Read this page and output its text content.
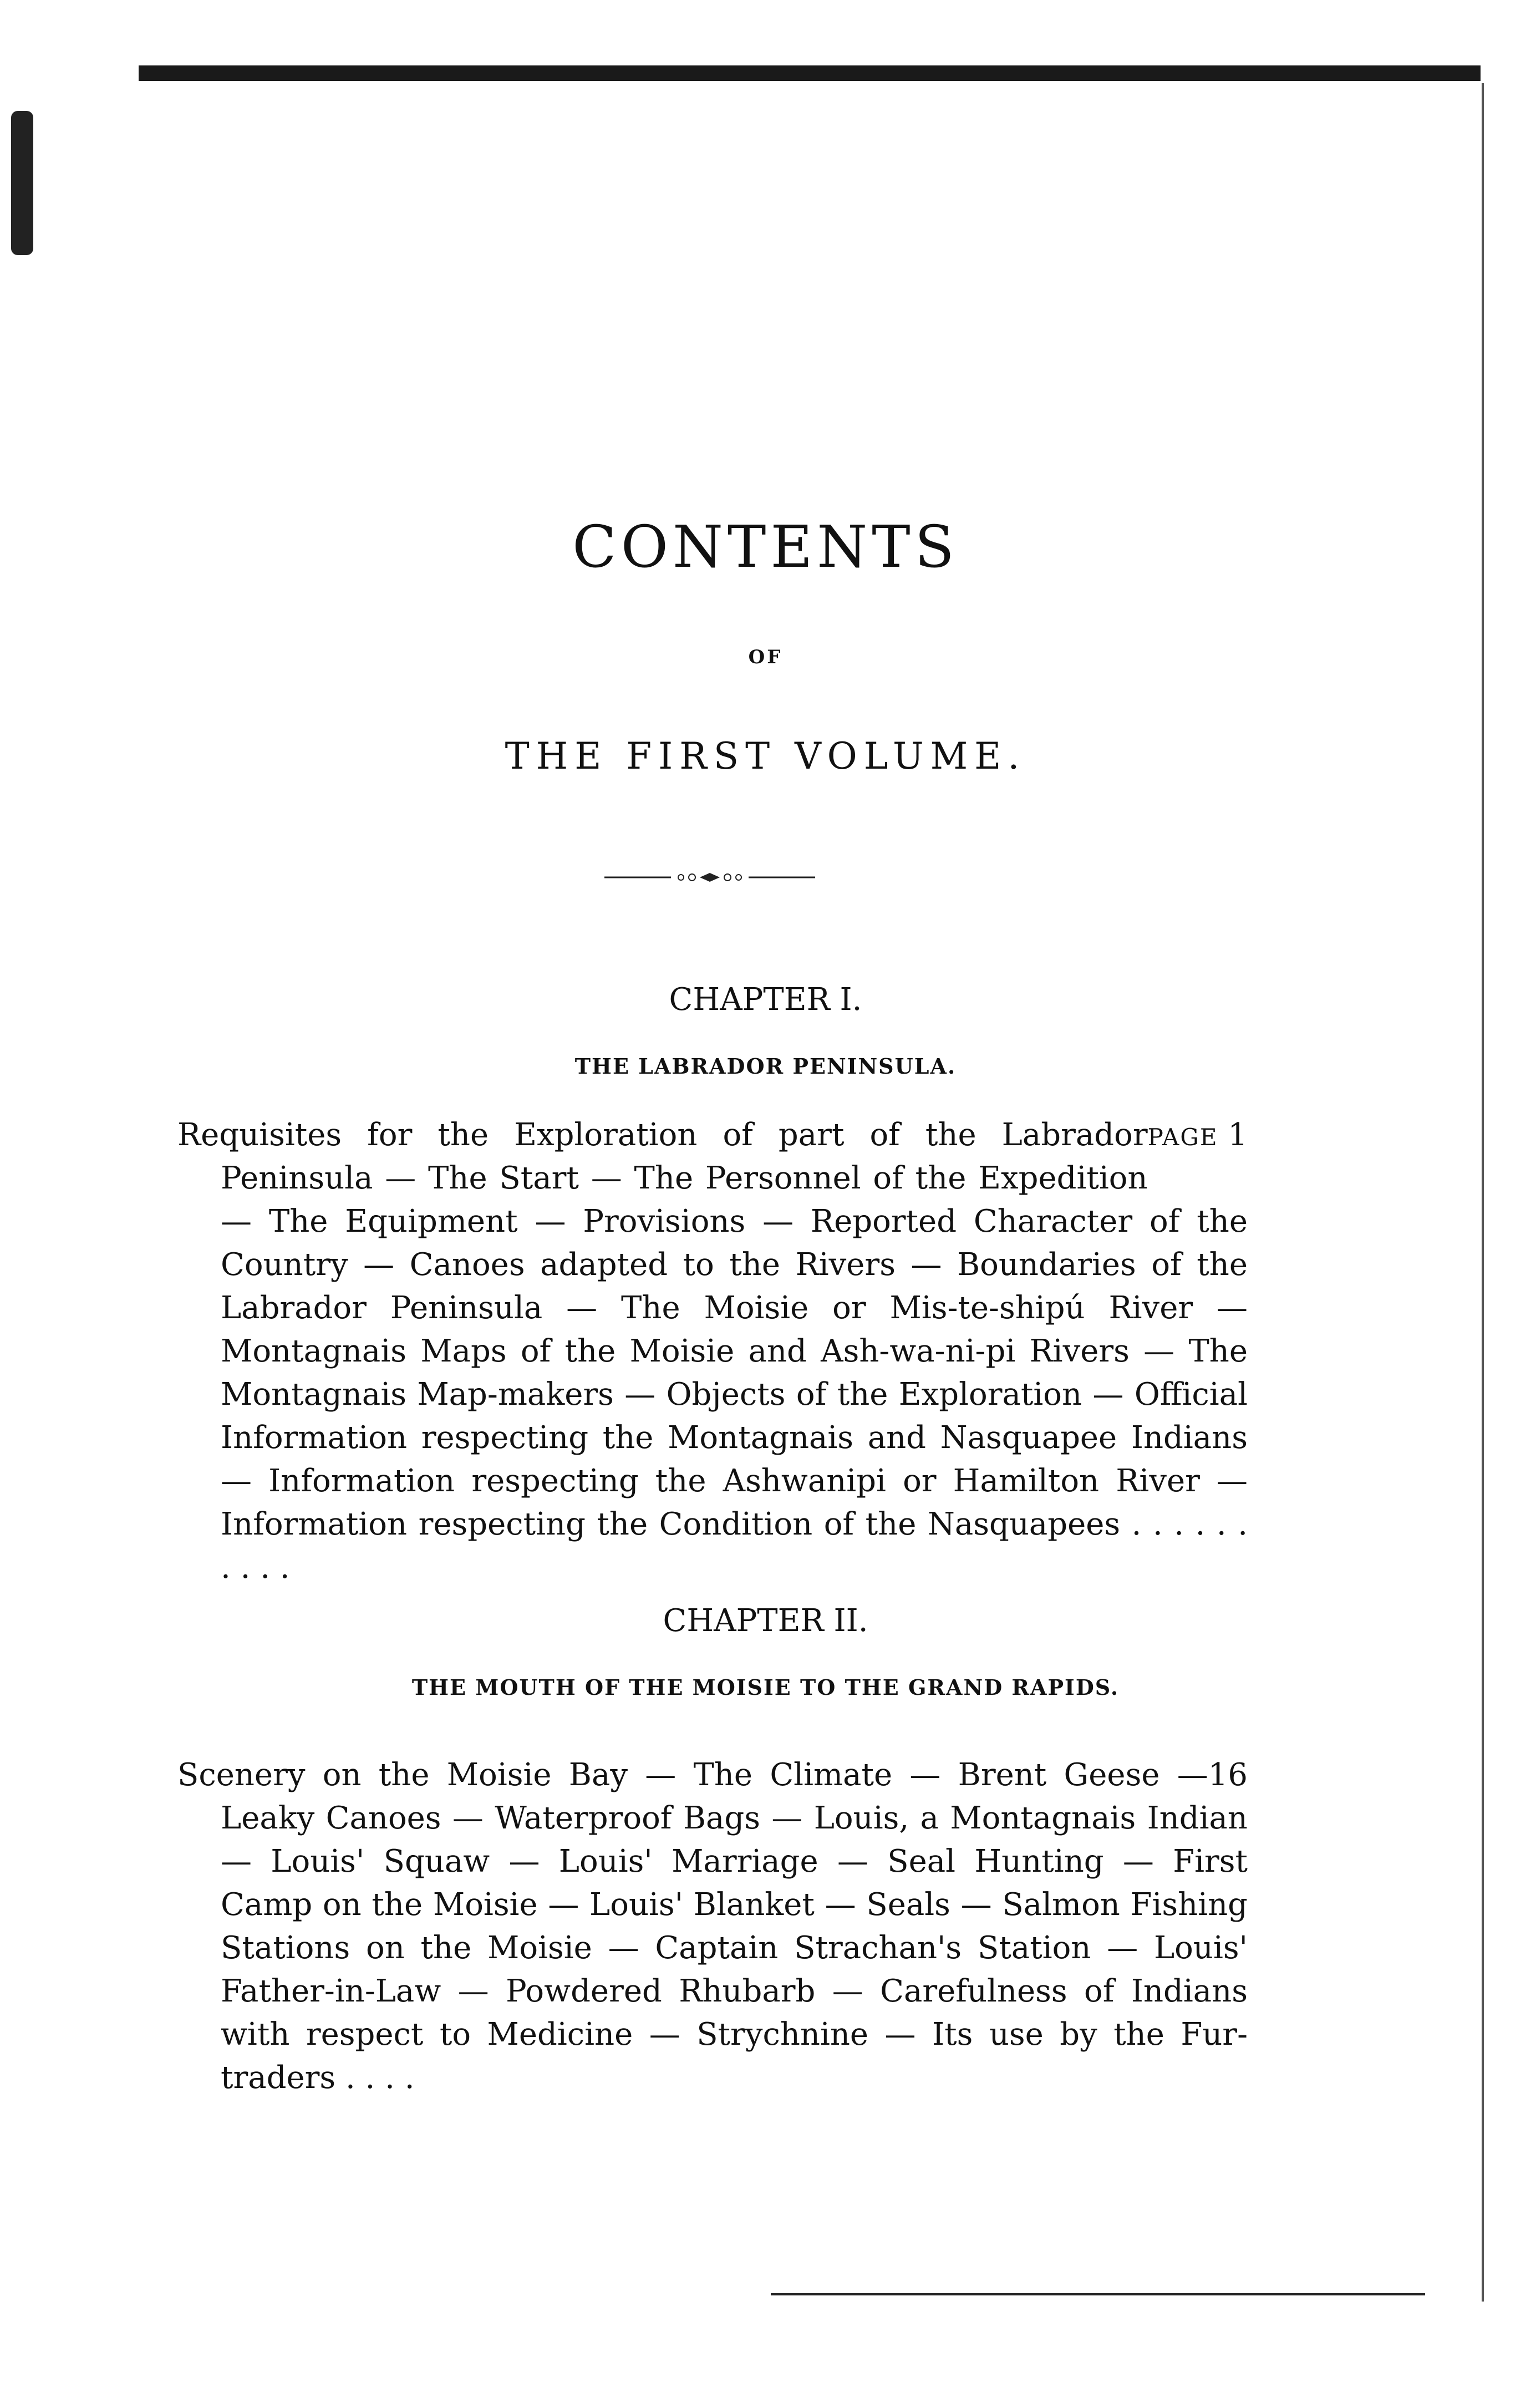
CONTENTS
OF
THE FIRST VOLUME.
CHAPTER I.
THE LABRADOR PENINSULA.

PAGE 1
Requisites for the Exploration of part of the Labrador Peninsula — The Start — The Personnel of the Expedition — The Equipment — Provisions — Reported Character of the Country — Canoes adapted to the Rivers — Boundaries of the Labrador Peninsula — The Moisie or Mis-te-shipú River — Montagnais Maps of the Moisie and Ash-wa-ni-pi Rivers — The Montagnais Map-makers — Objects of the Exploration — Official Information respecting the Montagnais and Nasquapee Indians — Information respecting the Ashwanipi or Hamilton River — Information respecting the Condition of the Nasquapees . . . . . . . . . .

CHAPTER II.
THE MOUTH OF THE MOISIE TO THE GRAND RAPIDS.

16
Scenery on the Moisie Bay — The Climate — Brent Geese — Leaky Canoes — Waterproof Bags — Louis, a Montagnais Indian — Louis' Squaw — Louis' Marriage — Seal Hunting — First Camp on the Moisie — Louis' Blanket — Seals — Salmon Fishing Stations on the Moisie — Captain Strachan's Station — Louis' Father-in-Law — Powdered Rhubarb — Carefulness of Indians with respect to Medicine — Strychnine — Its use by the Fur-traders . . . .
